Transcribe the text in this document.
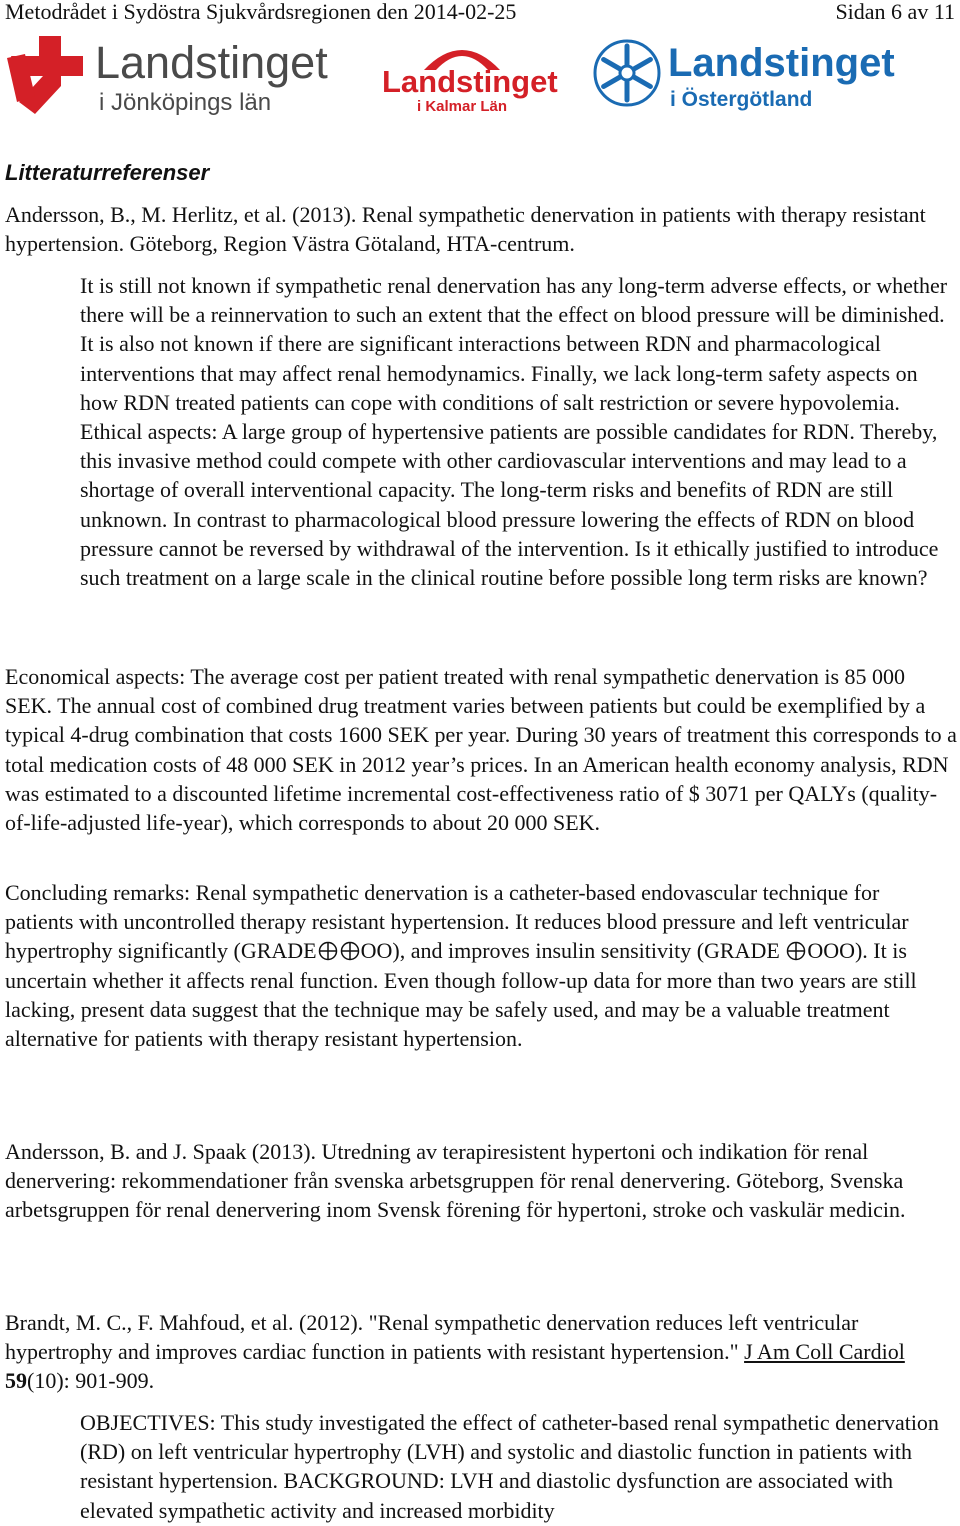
Metodrådet i Sydöstra Sjukvårdsregionen den 2014-02-25	Sidan 6 av 11
Landstinget
i Jönköpings län
Landstinget
i Kalmar Län
Landstinget
i Östergötland
Litteraturreferenser
Andersson, B., M. Herlitz, et al. (2013). Renal sympathetic denervation in patients with therapy resistant hypertension. Göteborg, Region Västra Götaland, HTA-centrum.
It is still not known if sympathetic renal denervation has any long-term adverse effects, or whether there will be a reinnervation to such an extent that the effect on blood pressure will be diminished. It is also not known if there are significant interactions between RDN and pharmacological interventions that may affect renal hemodynamics. Finally, we lack long-term safety aspects on how RDN treated patients can cope with conditions of salt restriction or severe hypovolemia. Ethical aspects: A large group of hypertensive patients are possible candidates for RDN. Thereby, this invasive method could compete with other cardiovascular interventions and may lead to a shortage of overall interventional capacity. The long-term risks and benefits of RDN are still unknown. In contrast to pharmacological blood pressure lowering the effects of RDN on blood pressure cannot be reversed by withdrawal of the intervention. Is it ethically justified to introduce such treatment on a large scale in the clinical routine before possible long term risks are known?
Economical aspects: The average cost per patient treated with renal sympathetic denervation is 85 000 SEK. The annual cost of combined drug treatment varies between patients but could be exemplified by a typical 4-drug combination that costs 1600 SEK per year. During 30 years of treatment this corresponds to a total medication costs of 48 000 SEK in 2012 year’s prices. In an American health economy analysis, RDN was estimated to a discounted lifetime incremental cost-effectiveness ratio of $ 3071 per QALYs (quality-of-life-adjusted life-year), which corresponds to about 20 000 SEK.
Concluding remarks: Renal sympathetic denervation is a catheter-based endovascular technique for patients with uncontrolled therapy resistant hypertension. It reduces blood pressure and left ventricular hypertrophy significantly (GRADE OO), and improves insulin sensitivity (GRADE OOO). It is uncertain whether it affects renal function. Even though follow-up data for more than two years are still lacking, present data suggest that the technique may be safely used, and may be a valuable treatment alternative for patients with therapy resistant hypertension.
Andersson, B. and J. Spaak (2013). Utredning av terapiresistent hypertoni och indikation för renal denervering: rekommendationer från svenska arbetsgruppen för renal denervering. Göteborg, Svenska arbetsgruppen för renal denervering inom Svensk förening för hypertoni, stroke och vaskulär medicin.
Brandt, M. C., F. Mahfoud, et al. (2012). "Renal sympathetic denervation reduces left ventricular hypertrophy and improves cardiac function in patients with resistant hypertension." J Am Coll Cardiol 59(10): 901-909.
OBJECTIVES: This study investigated the effect of catheter-based renal sympathetic denervation (RD) on left ventricular hypertrophy (LVH) and systolic and diastolic function in patients with resistant hypertension. BACKGROUND: LVH and diastolic dysfunction are associated with elevated sympathetic activity and increased morbidity
